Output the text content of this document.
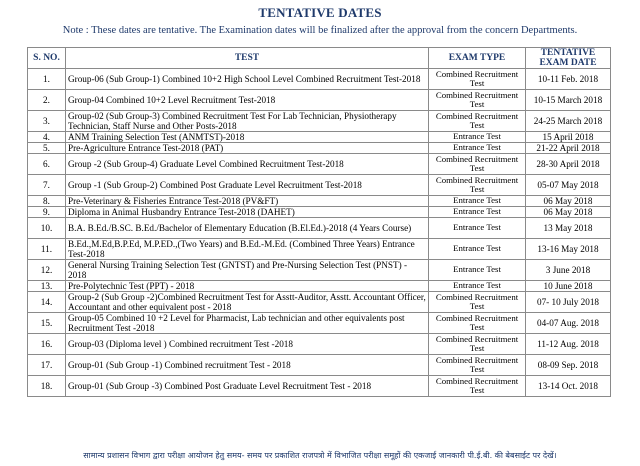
TENTATIVE DATES
Note : These dates are tentative. The Examination dates will be finalized after the approval from the concern Departments.
S. NO.	TEST	EXAM TYPE	TENTATIVE EXAM DATE
1.	Group-06 (Sub Group-1) Combined 10+2 High School Level Combined Recruitment Test-2018	Combined Recruitment Test	10-11 Feb. 2018
2.	Group-04 Combined 10+2 Level Recruitment Test-2018	Combined Recruitment Test	10-15 March 2018
3.	Group-02 (Sub Group-3) Combined Recruitment Test For Lab Technician, Physiotherapy Technician, Staff Nurse and Other Posts-2018	Combined Recruitment Test	24-25 March 2018
4.	ANM Training Selection Test (ANMTST)-2018	Entrance Test	15 April 2018
5.	Pre-Agriculture Entrance Test-2018 (PAT)	Entrance Test	21-22 April 2018
6.	Group -2 (Sub Group-4) Graduate Level Combined Recruitment Test-2018	Combined Recruitment Test	28-30 April 2018
7.	Group -1 (Sub Group-2) Combined Post Graduate Level Recruitment Test-2018	Combined Recruitment Test	05-07 May 2018
8.	Pre-Veterinary & Fisheries Entrance Test-2018 (PV&FT)	Entrance Test	06 May 2018
9.	Diploma in Animal Husbandry Entrance Test-2018 (DAHET)	Entrance Test	06 May 2018
10.	B.A. B.Ed./B.SC. B.Ed./Bachelor of Elementary Education (B.El.Ed.)-2018 (4 Years Course)	Entrance Test	13 May 2018
11.	B.Ed.,M.Ed,B.P.Ed, M.P.ED.,(Two Years) and B.Ed.-M.Ed. (Combined Three Years) Entrance Test-2018	Entrance Test	13-16 May 2018
12.	General Nursing Training Selection Test (GNTST) and Pre-Nursing Selection Test (PNST) - 2018	Entrance Test	3 June 2018
13.	Pre-Polytechnic Test (PPT) - 2018	Entrance Test	10 June 2018
14.	Group-2 (Sub Group -2)Combined Recruitment Test for Asstt-Auditor, Asstt. Accountant Officer, Accountant and other equivalent post - 2018	Combined Recruitment Test	07- 10 July 2018
15.	Group-05 Combined 10 +2 Level for Pharmacist, Lab technician and other equivalents post Recruitment Test -2018	Combined Recruitment Test	04-07 Aug. 2018
16.	Group-03 (Diploma level ) Combined recruitment Test -2018	Combined Recruitment Test	11-12 Aug. 2018
17.	Group-01 (Sub Group -1) Combined recruitment Test - 2018	Combined Recruitment Test	08-09 Sep. 2018
18.	Group-01 (Sub Group -3) Combined Post Graduate Level Recruitment Test - 2018	Combined Recruitment Test	13-14 Oct. 2018
सामान्य प्रशासन विभाग द्वारा परीक्षा आयोजन हेतु समय- समय पर प्रकाशित राजपत्रो में विभाजित परीक्षा समूहों की एकजाई जानकारी पी.ई.बी. की बेबसाईट पर देखें।
